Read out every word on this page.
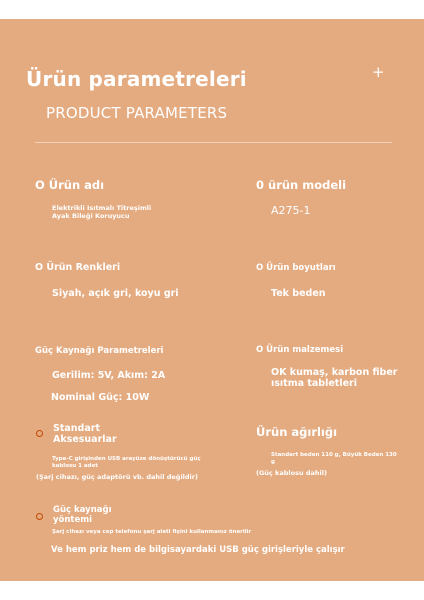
Ürün parametreleri	+
PRODUCT PARAMETERS
O Ürün adı
Elektrikli Isıtmalı Titreşimli
Ayak Bileği Koruyucu
0 ürün modeli
A275-1
O Ürün Renkleri
Siyah, açık gri, koyu gri
O Ürün boyutları
Tek beden
Güç Kaynağı Parametreleri
Gerilim: 5V, Akım: 2A
Nominal Güç: 10W
O Ürün malzemesi
OK kumaş, karbon fiber
ısıtma tabletleri
Standart
Aksesuarlar
Type-C girişinden USB arayüze dönüştürücü güç
kablosu 1 adet
(Şarj cihazı, güç adaptörü vb. dahil değildir)
Ürün ağırlığı
Standart beden 110 g, Büyük Beden 130
g
(Güç kablosu dahil)
Güç kaynağı
yöntemi
Şarj cihazı veya cep telefonu şarj aleti fişini kullanmanız önerilir
Ve hem priz hem de bilgisayardaki USB güç girişleriyle çalışır
